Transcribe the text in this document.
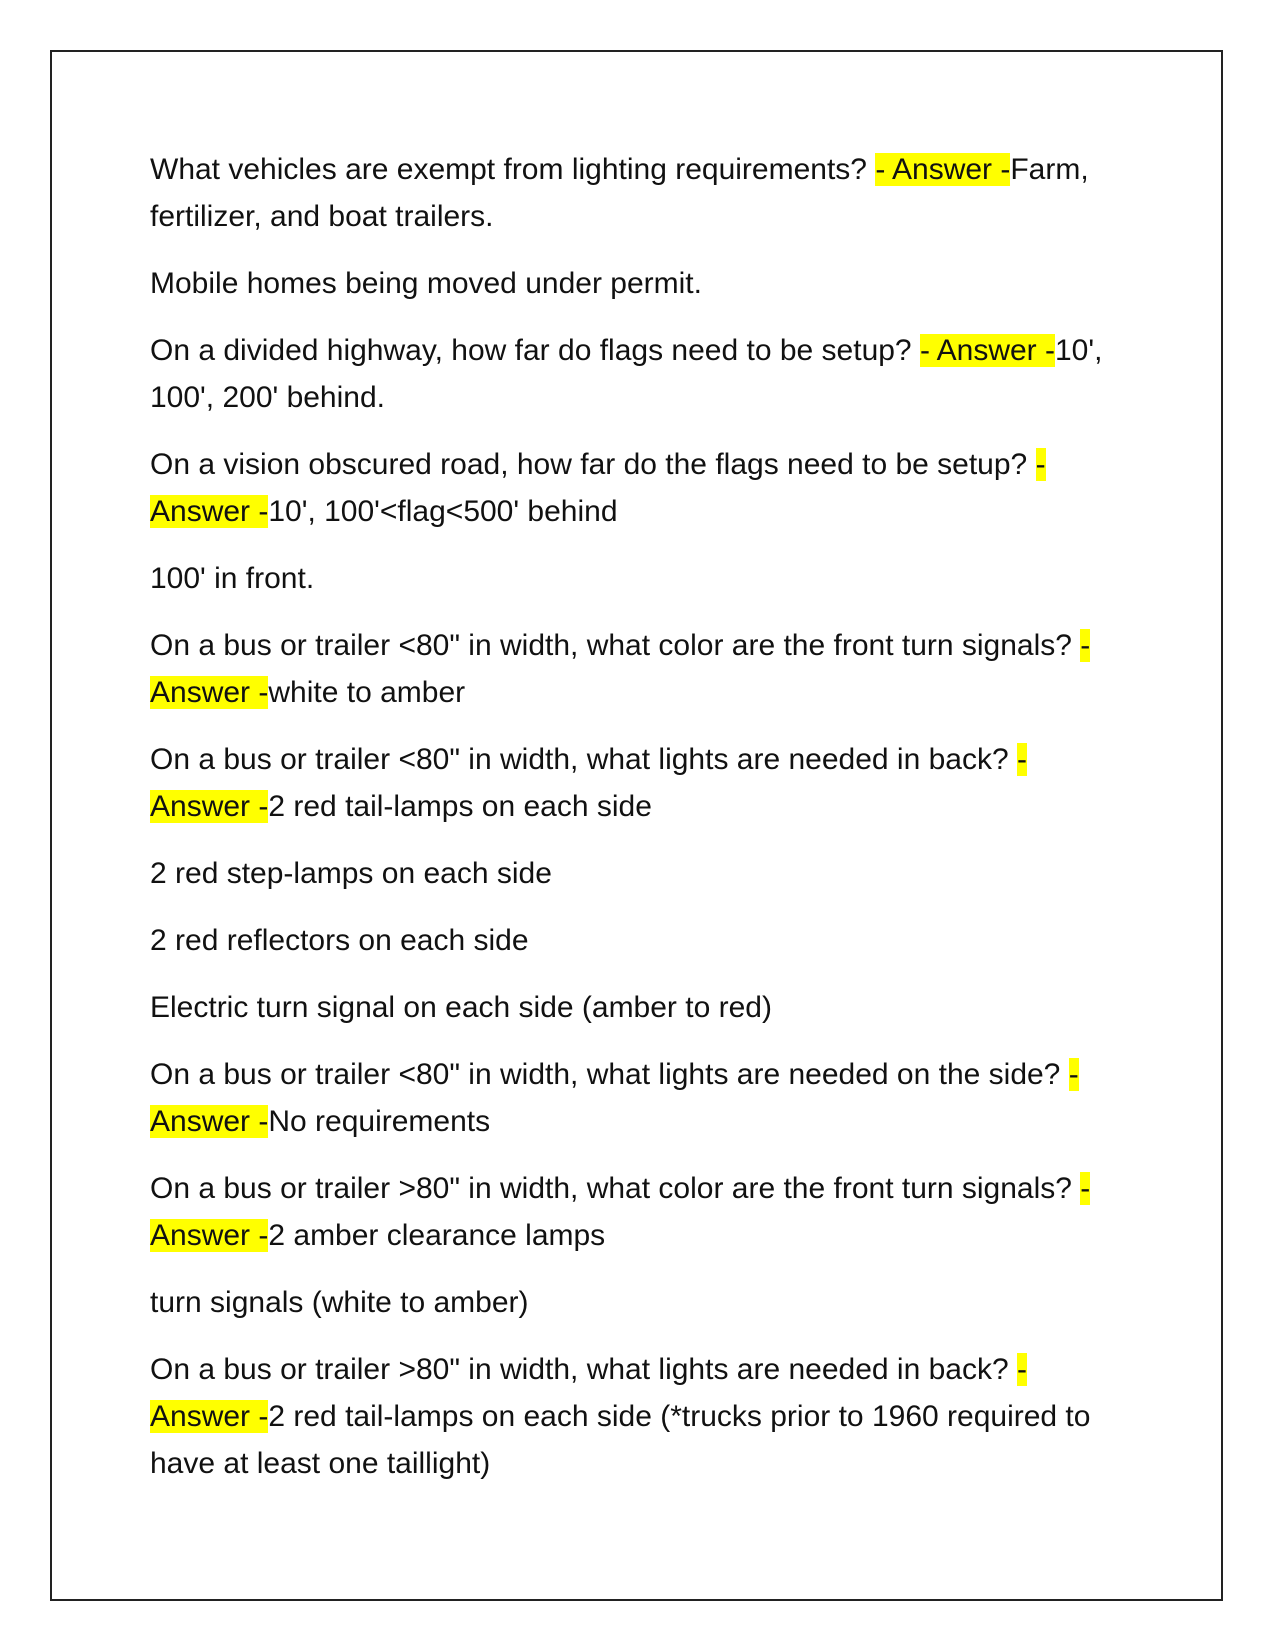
What vehicles are exempt from lighting requirements? - Answer -Farm, fertilizer, and boat trailers.

Mobile homes being moved under permit.

On a divided highway, how far do flags need to be setup? - Answer -10', 100', 200' behind.

On a vision obscured road, how far do the flags need to be setup? - Answer -10', 100'<flag<500' behind

100' in front.

On a bus or trailer <80" in width, what color are the front turn signals? - Answer -white to amber

On a bus or trailer <80" in width, what lights are needed in back? - Answer -2 red tail-lamps on each side

2 red step-lamps on each side

2 red reflectors on each side

Electric turn signal on each side (amber to red)

On a bus or trailer <80" in width, what lights are needed on the side? - Answer -No requirements

On a bus or trailer >80" in width, what color are the front turn signals? - Answer -2 amber clearance lamps

turn signals (white to amber)

On a bus or trailer >80" in width, what lights are needed in back? - Answer -2 red tail-lamps on each side (*trucks prior to 1960 required to have at least one taillight)
